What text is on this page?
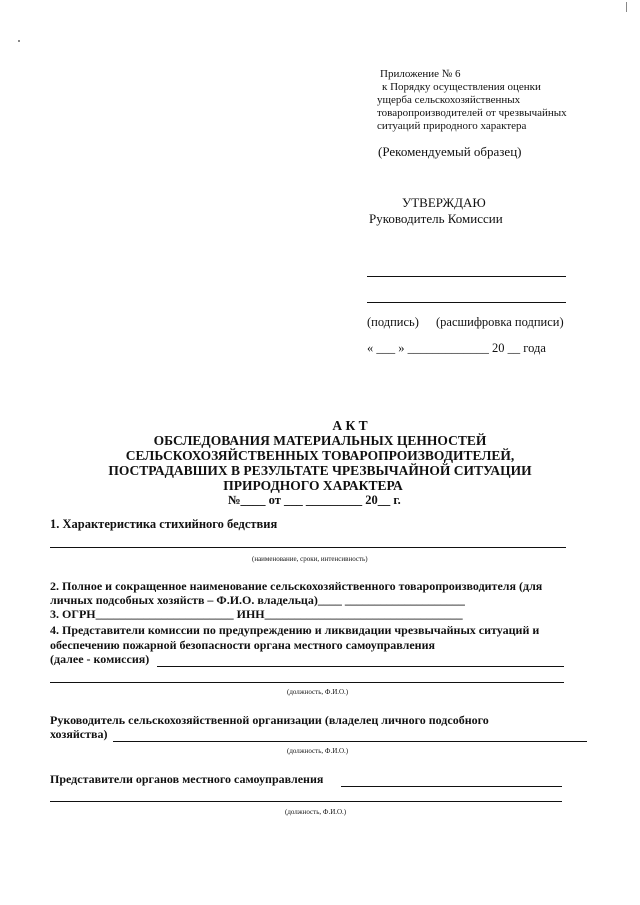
Приложение № 6
к Порядку осуществления оценки
ущерба сельскохозяйственных
товаропроизводителей от чрезвычайных
ситуаций природного характера
(Рекомендуемый образец)
УТВЕРЖДАЮ
Руководитель Комиссии
(подпись) (расшифровка подписи)
« ___ » _____________ 20 __ года
А К Т
ОБСЛЕДОВАНИЯ МАТЕРИАЛЬНЫХ ЦЕННОСТЕЙ
СЕЛЬСКОХОЗЯЙСТВЕННЫХ ТОВАРОПРОИЗВОДИТЕЛЕЙ,
ПОСТРАДАВШИХ В РЕЗУЛЬТАТЕ ЧРЕЗВЫЧАЙНОЙ СИТУАЦИИ
ПРИРОДНОГО ХАРАКТЕРА
№____ от ___ _________ 20__ г.
1. Характеристика стихийного бедствия
(наименование, сроки, интенсивность)
2. Полное и сокращенное наименование сельскохозяйственного товаропроизводителя (для
личных подсобных хозяйств – Ф.И.О. владельца)____ ____________________
3. ОГРН_______________________ ИНН_________________________________
4. Представители комиссии по предупреждению и ликвидации чрезвычайных ситуаций и
обеспечению пожарной безопасности органа местного самоуправления
(далее - комиссия)
(должность, Ф.И.О.)
Руководитель сельскохозяйственной организации (владелец личного подсобного
хозяйства)
(должность, Ф.И.О.)
Представители органов местного самоуправления
(должность, Ф.И.О.)
